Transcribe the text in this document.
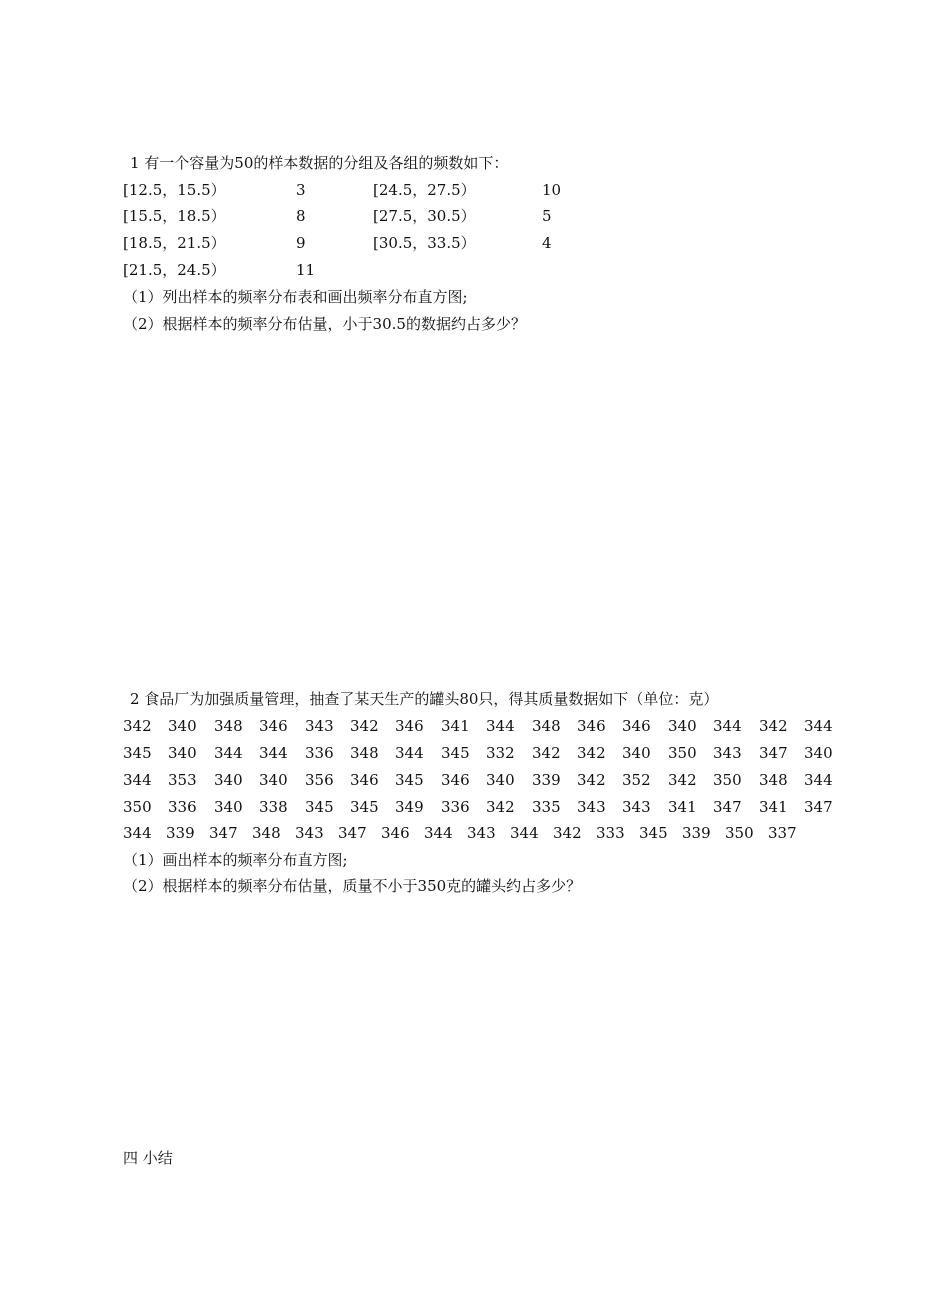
1 有一个容量为50的样本数据的分组及各组的频数如下：
[12.5，15.5）	3	[24.5，27.5）	10
[15.5，18.5）	8	[27.5，30.5）	5
[18.5，21.5）	9	[30.5，33.5）	4
[21.5，24.5）	11
（1）列出样本的频率分布表和画出频率分布直方图;
（2）根据样本的频率分布估量，小于30.5的数据约占多少？
2 食品厂为加强质量管理，抽查了某天生产的罐头80只，得其质量数据如下（单位：克）
342 340 348 346 343 342 346 341 344 348 346 346 340 344 342 344
345 340 344 344 336 348 344 345 332 342 342 340 350 343 347 340
344 353 340 340 356 346 345 346 340 339 342 352 342 350 348 344
350 336 340 338 345 345 349 336 342 335 343 343 341 347 341 347
344 339 347 348 343 347 346 344 343 344 342 333 345 339 350 337
（1）画出样本的频率分布直方图;
（2）根据样本的频率分布估量，质量不小于350克的罐头约占多少？
四 小结
